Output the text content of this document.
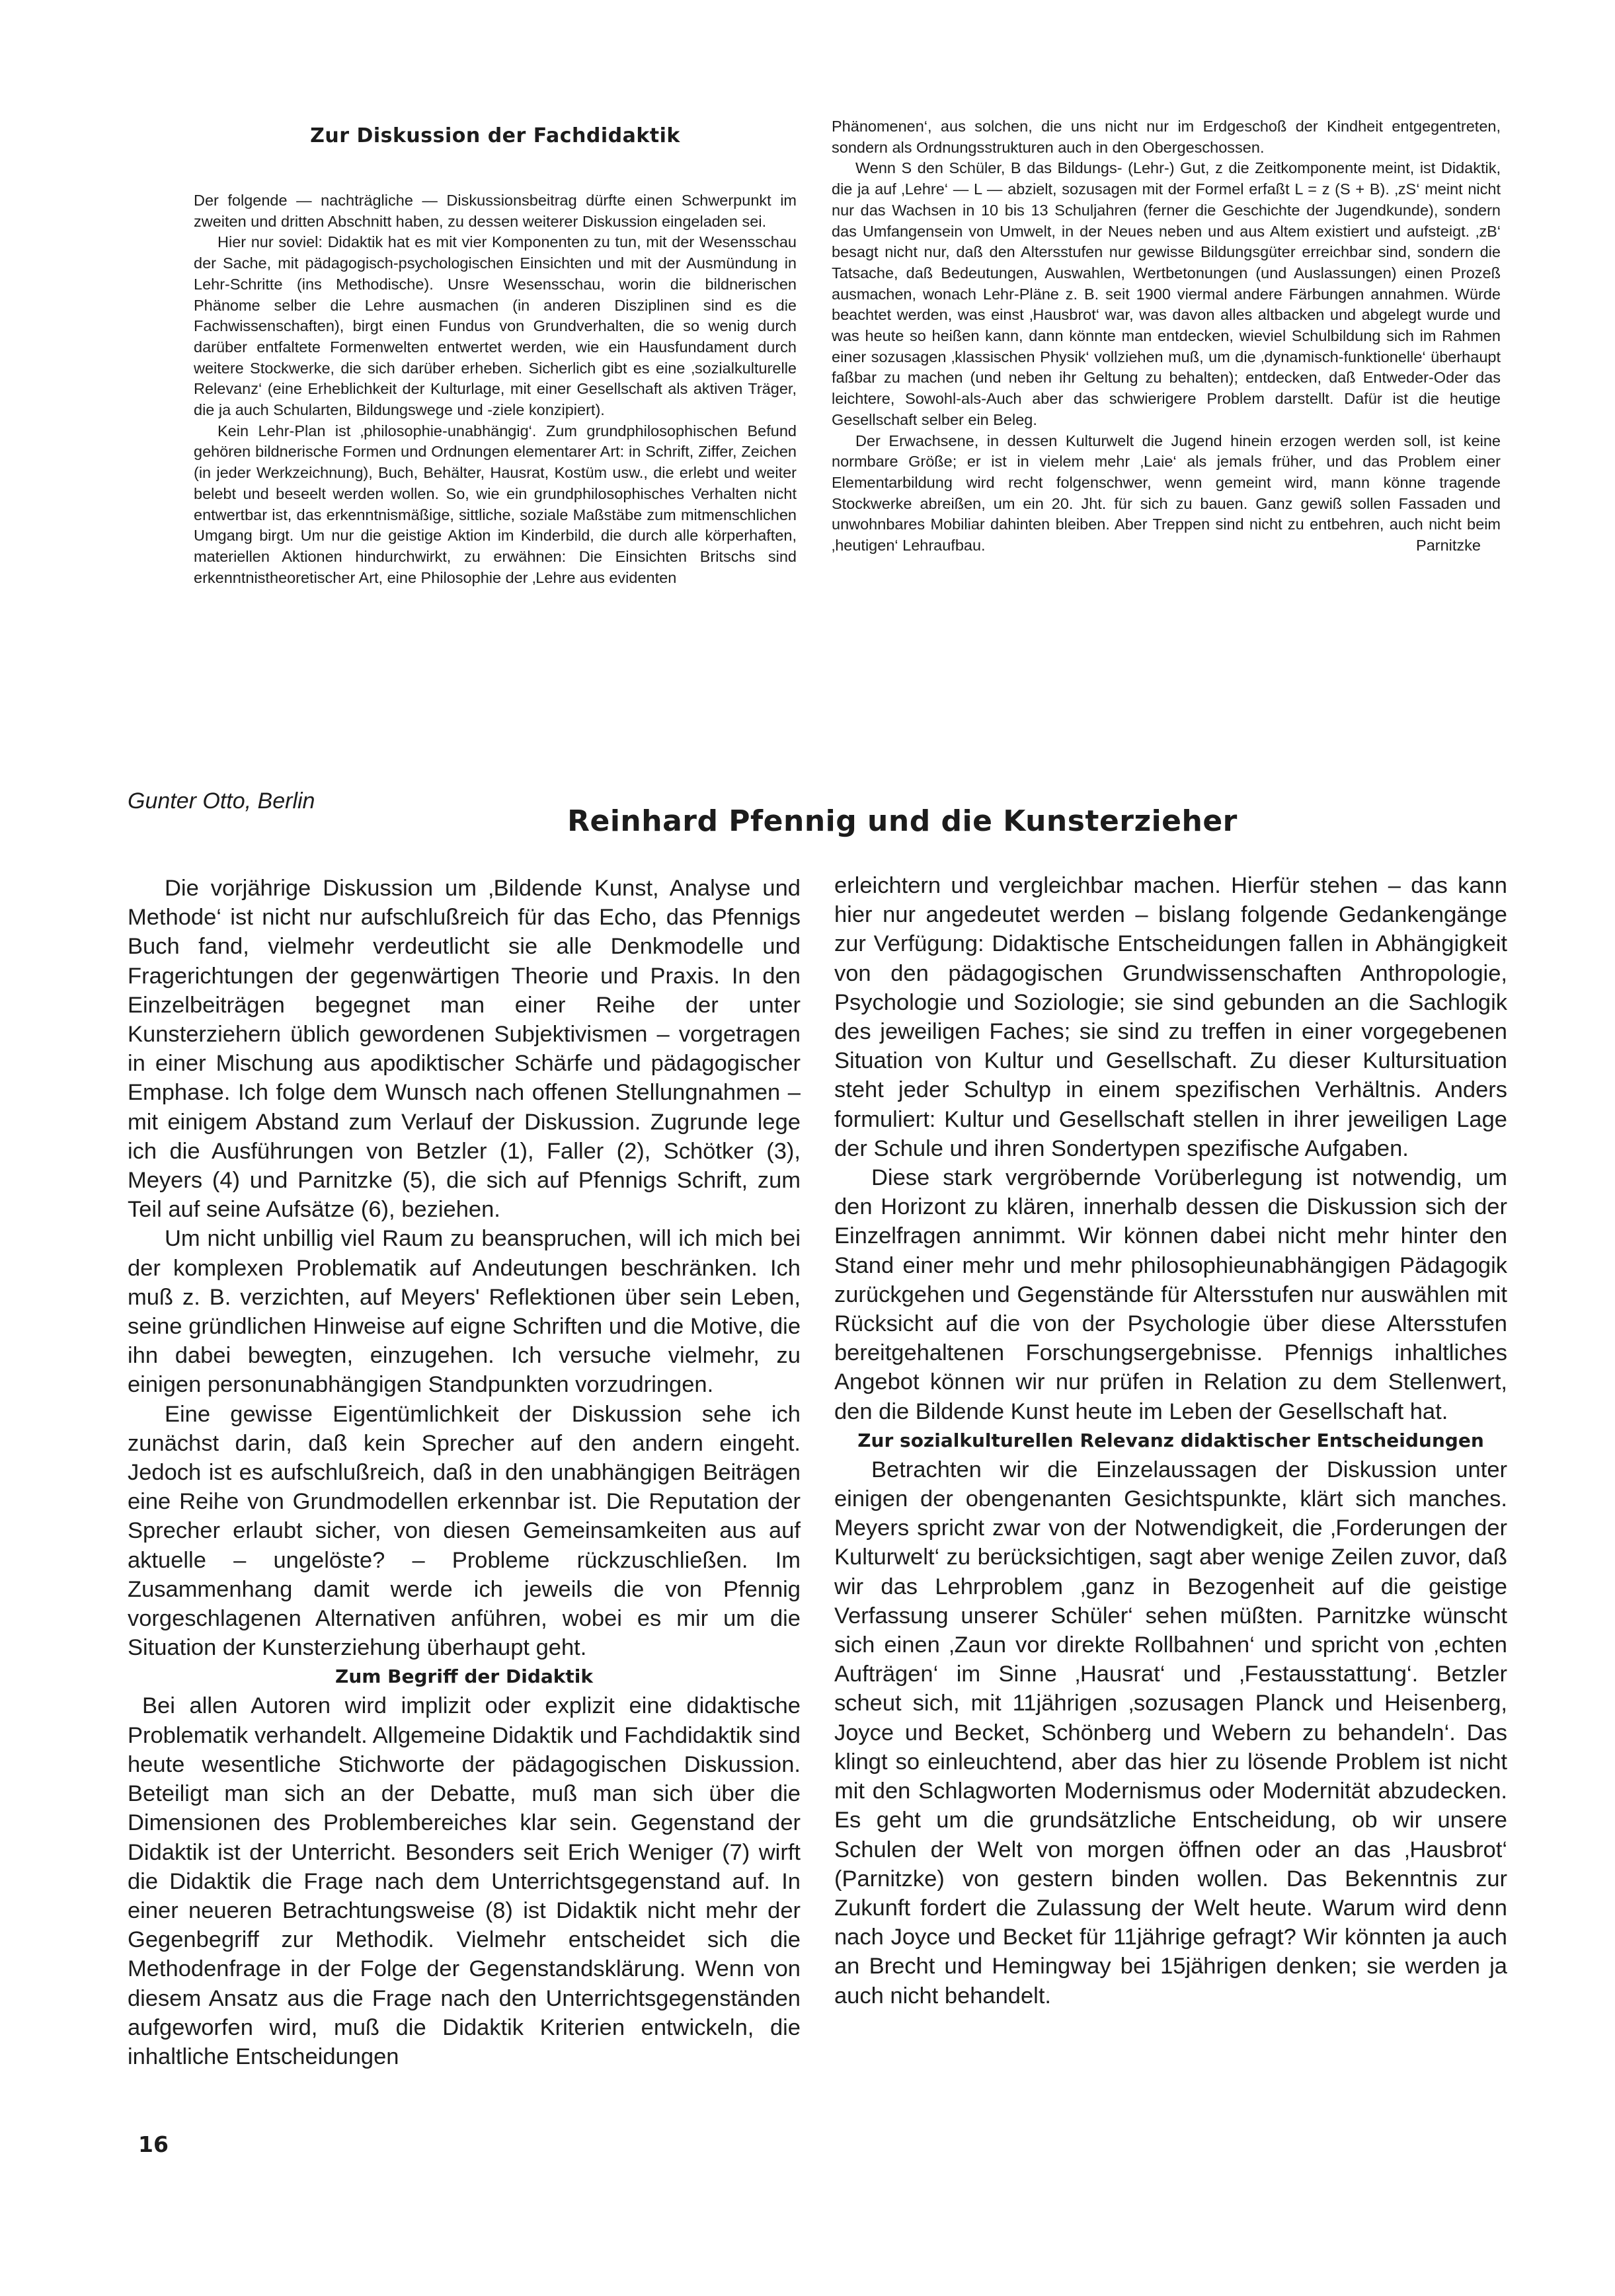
Zur Diskussion der Fachdidaktik

Der folgende — nachträgliche — Diskussionsbeitrag dürfte einen Schwerpunkt im zweiten und dritten Abschnitt haben, zu dessen weiterer Diskussion eingeladen sei.

Hier nur soviel: Didaktik hat es mit vier Komponenten zu tun, mit der Wesensschau der Sache, mit pädagogisch-psychologischen Einsichten und mit der Ausmündung in Lehr-Schritte (ins Methodische). Unsre Wesensschau, worin die bildnerischen Phänome selber die Lehre ausmachen (in anderen Disziplinen sind es die Fachwissenschaften), birgt einen Fundus von Grundverhalten, die so wenig durch darüber entfaltete Formenwelten entwertet werden, wie ein Hausfundament durch weitere Stockwerke, die sich darüber erheben. Sicherlich gibt es eine ‚sozialkulturelle Relevanz‘ (eine Erheblichkeit der Kulturlage, mit einer Gesellschaft als aktiven Träger, die ja auch Schularten, Bildungswege und -ziele konzipiert).

Kein Lehr-Plan ist ‚philosophie-unabhängig‘. Zum grundphilosophischen Befund gehören bildnerische Formen und Ordnungen elementarer Art: in Schrift, Ziffer, Zeichen (in jeder Werkzeichnung), Buch, Behälter, Hausrat, Kostüm usw., die erlebt und weiter belebt und beseelt werden wollen. So, wie ein grundphilosophisches Verhalten nicht entwertbar ist, das erkenntnismäßige, sittliche, soziale Maßstäbe zum mitmenschlichen Umgang birgt. Um nur die geistige Aktion im Kinderbild, die durch alle körperhaften, materiellen Aktionen hindurchwirkt, zu erwähnen: Die Einsichten Britschs sind erkenntnistheoretischer Art, eine Philosophie der ‚Lehre aus evidenten

Phänomenen‘, aus solchen, die uns nicht nur im Erdgeschoß der Kindheit entgegentreten, sondern als Ordnungsstrukturen auch in den Obergeschossen.

Wenn S den Schüler, B das Bildungs- (Lehr-) Gut, z die Zeitkomponente meint, ist Didaktik, die ja auf ‚Lehre‘ — L — abzielt, sozusagen mit der Formel erfaßt L = z (S + B). ‚zS‘ meint nicht nur das Wachsen in 10 bis 13 Schuljahren (ferner die Geschichte der Jugendkunde), sondern das Umfangensein von Umwelt, in der Neues neben und aus Altem existiert und aufsteigt. ‚zB‘ besagt nicht nur, daß den Altersstufen nur gewisse Bildungsgüter erreichbar sind, sondern die Tatsache, daß Bedeutungen, Auswahlen, Wertbetonungen (und Auslassungen) einen Prozeß ausmachen, wonach Lehr-Pläne z. B. seit 1900 viermal andere Färbungen annahmen. Würde beachtet werden, was einst ‚Hausbrot‘ war, was davon alles altbacken und abgelegt wurde und was heute so heißen kann, dann könnte man entdecken, wieviel Schulbildung sich im Rahmen einer sozusagen ‚klassischen Physik‘ vollziehen muß, um die ‚dynamisch-funktionelle‘ überhaupt faßbar zu machen (und neben ihr Geltung zu behalten); entdecken, daß Entweder-Oder das leichtere, Sowohl-als-Auch aber das schwierigere Problem darstellt. Dafür ist die heutige Gesellschaft selber ein Beleg.

Der Erwachsene, in dessen Kulturwelt die Jugend hinein erzogen werden soll, ist keine normbare Größe; er ist in vielem mehr ‚Laie‘ als jemals früher, und das Problem einer Elementarbildung wird recht folgenschwer, wenn gemeint wird, mann könne tragende Stockwerke abreißen, um ein 20. Jht. für sich zu bauen. Ganz gewiß sollen Fassaden und unwohnbares Mobiliar dahinten bleiben. Aber Treppen sind nicht zu entbehren, auch nicht beim ‚heutigen‘ Lehraufbau.	Parnitzke

Gunter Otto, Berlin
Reinhard Pfennig und die Kunsterzieher

Die vorjährige Diskussion um ‚Bildende Kunst, Analyse und Methode‘ ist nicht nur aufschlußreich für das Echo, das Pfennigs Buch fand, vielmehr verdeutlicht sie alle Denkmodelle und Fragerichtungen der gegenwärtigen Theorie und Praxis. In den Einzelbeiträgen begegnet man einer Reihe der unter Kunsterziehern üblich gewordenen Subjektivismen – vorgetragen in einer Mischung aus apodiktischer Schärfe und pädagogischer Emphase. Ich folge dem Wunsch nach offenen Stellungnahmen – mit einigem Abstand zum Verlauf der Diskussion. Zugrunde lege ich die Ausführungen von Betzler (1), Faller (2), Schötker (3), Meyers (4) und Parnitzke (5), die sich auf Pfennigs Schrift, zum Teil auf seine Aufsätze (6), beziehen.

Um nicht unbillig viel Raum zu beanspruchen, will ich mich bei der komplexen Problematik auf Andeutungen beschränken. Ich muß z. B. verzichten, auf Meyers' Reflektionen über sein Leben, seine gründlichen Hinweise auf eigne Schriften und die Motive, die ihn dabei bewegten, einzugehen. Ich versuche vielmehr, zu einigen personunabhängigen Standpunkten vorzudringen.

Eine gewisse Eigentümlichkeit der Diskussion sehe ich zunächst darin, daß kein Sprecher auf den andern eingeht. Jedoch ist es aufschlußreich, daß in den unabhängigen Beiträgen eine Reihe von Grundmodellen erkennbar ist. Die Reputation der Sprecher erlaubt sicher, von diesen Gemeinsamkeiten aus auf aktuelle – ungelöste? – Probleme rückzuschließen. Im Zusammenhang damit werde ich jeweils die von Pfennig vorgeschlagenen Alternativen anführen, wobei es mir um die Situation der Kunsterziehung überhaupt geht.

Zum Begriff der Didaktik

Bei allen Autoren wird implizit oder explizit eine didaktische Problematik verhandelt. Allgemeine Didaktik und Fachdidaktik sind heute wesentliche Stichworte der pädagogischen Diskussion. Beteiligt man sich an der Debatte, muß man sich über die Dimensionen des Problembereiches klar sein. Gegenstand der Didaktik ist der Unterricht. Besonders seit Erich Weniger (7) wirft die Didaktik die Frage nach dem Unterrichtsgegenstand auf. In einer neueren Betrachtungsweise (8) ist Didaktik nicht mehr der Gegenbegriff zur Methodik. Vielmehr entscheidet sich die Methodenfrage in der Folge der Gegenstandsklärung. Wenn von diesem Ansatz aus die Frage nach den Unterrichtsgegenständen aufgeworfen wird, muß die Didaktik Kriterien entwickeln, die inhaltliche Entscheidungen

erleichtern und vergleichbar machen. Hierfür stehen – das kann hier nur angedeutet werden – bislang folgende Gedankengänge zur Verfügung: Didaktische Entscheidungen fallen in Abhängigkeit von den pädagogischen Grundwissenschaften Anthropologie, Psychologie und Soziologie; sie sind gebunden an die Sachlogik des jeweiligen Faches; sie sind zu treffen in einer vorgegebenen Situation von Kultur und Gesellschaft. Zu dieser Kultursituation steht jeder Schultyp in einem spezifischen Verhältnis. Anders formuliert: Kultur und Gesellschaft stellen in ihrer jeweiligen Lage der Schule und ihren Sondertypen spezifische Aufgaben.

Diese stark vergröbernde Vorüberlegung ist notwendig, um den Horizont zu klären, innerhalb dessen die Diskussion sich der Einzelfragen annimmt. Wir können dabei nicht mehr hinter den Stand einer mehr und mehr philosophieunabhängigen Pädagogik zurückgehen und Gegenstände für Altersstufen nur auswählen mit Rücksicht auf die von der Psychologie über diese Altersstufen bereitgehaltenen Forschungsergebnisse. Pfennigs inhaltliches Angebot können wir nur prüfen in Relation zu dem Stellenwert, den die Bildende Kunst heute im Leben der Gesellschaft hat.

Zur sozialkulturellen Relevanz didaktischer Entscheidungen

Betrachten wir die Einzelaussagen der Diskussion unter einigen der obengenanten Gesichtspunkte, klärt sich manches. Meyers spricht zwar von der Notwendigkeit, die ‚Forderungen der Kulturwelt‘ zu berücksichtigen, sagt aber wenige Zeilen zuvor, daß wir das Lehrproblem ‚ganz in Bezogenheit auf die geistige Verfassung unserer Schüler‘ sehen müßten. Parnitzke wünscht sich einen ‚Zaun vor direkte Rollbahnen‘ und spricht von ‚echten Aufträgen‘ im Sinne ‚Hausrat‘ und ‚Festausstattung‘. Betzler scheut sich, mit 11jährigen ‚sozusagen Planck und Heisenberg, Joyce und Becket, Schönberg und Webern zu behandeln‘. Das klingt so einleuchtend, aber das hier zu lösende Problem ist nicht mit den Schlagworten Modernismus oder Modernität abzudecken. Es geht um die grundsätzliche Entscheidung, ob wir unsere Schulen der Welt von morgen öffnen oder an das ‚Hausbrot‘ (Parnitzke) von gestern binden wollen. Das Bekenntnis zur Zukunft fordert die Zulassung der Welt heute. Warum wird denn nach Joyce und Becket für 11jährige gefragt? Wir könnten ja auch an Brecht und Hemingway bei 15jährigen denken; sie werden ja auch nicht behandelt.

16
